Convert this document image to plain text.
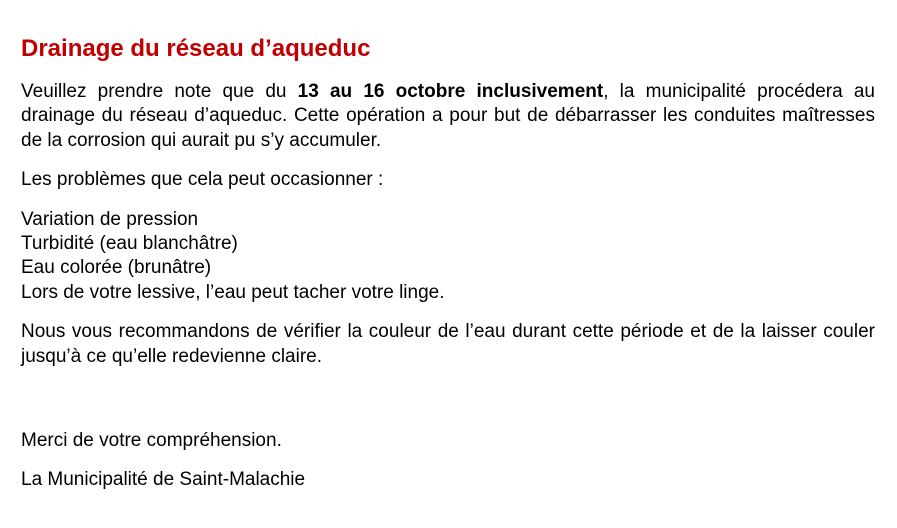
Drainage du réseau d’aqueduc

Veuillez prendre note que du 13 au 16 octobre inclusivement, la municipalité procédera au drainage du réseau d’aqueduc. Cette opération a pour but de débarrasser les conduites maîtresses de la corrosion qui aurait pu s’y accumuler.

Les problèmes que cela peut occasionner :

Variation de pression
Turbidité (eau blanchâtre)
Eau colorée (brunâtre)
Lors de votre lessive, l’eau peut tacher votre linge.

Nous vous recommandons de vérifier la couleur de l’eau durant cette période et de la laisser couler jusqu’à ce qu’elle redevienne claire.

Merci de votre compréhension.

La Municipalité de Saint-Malachie
